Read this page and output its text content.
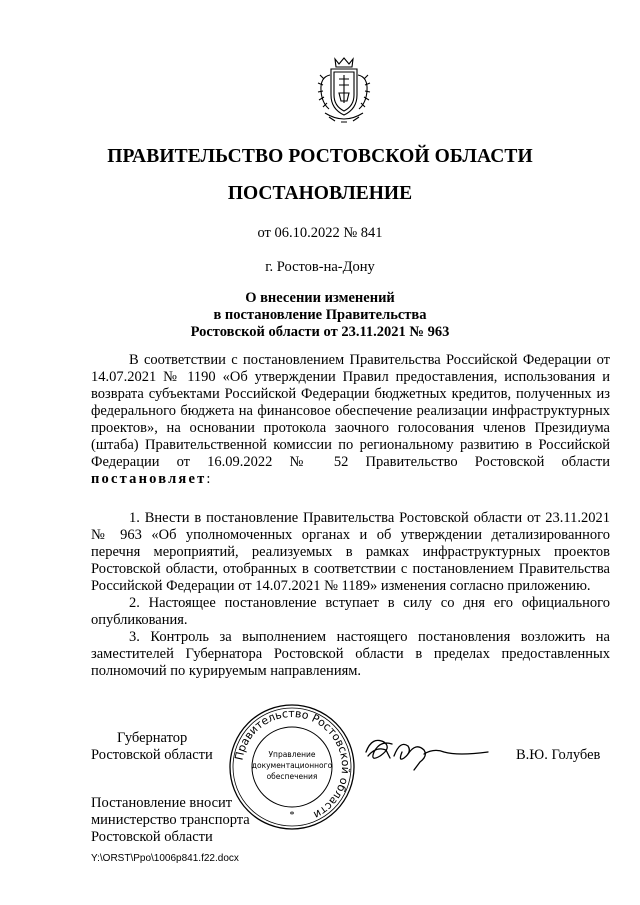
ПРАВИТЕЛЬСТВО РОСТОВСКОЙ ОБЛАСТИ
ПОСТАНОВЛЕНИЕ
от 06.10.2022 № 841
г. Ростов-на-Дону
О внесении изменений
в постановление Правительства
Ростовской области от 23.11.2021 № 963

В соответствии с постановлением Правительства Российской Федерации от 14.07.2021 № 1190 «Об утверждении Правил предоставления, использования и возврата субъектами Российской Федерации бюджетных кредитов, полученных из федерального бюджета на финансовое обеспечение реализации инфраструктурных проектов», на основании протокола заочного голосования членов Президиума (штаба) Правительственной комиссии по региональному развитию в Российской Федерации от 16.09.2022 № 52 Правительство Ростовской области постановляет:

1. Внести в постановление Правительства Ростовской области от 23.11.2021 № 963 «Об уполномоченных органах и об утверждении детализированного перечня мероприятий, реализуемых в рамках инфраструктурных проектов Ростовской области, отобранных в соответствии с постановлением Правительства Российской Федерации от 14.07.2021 № 1189» изменения согласно приложению.

2. Настоящее постановление вступает в силу со дня его официального опубликования.

3. Контроль за выполнением настоящего постановления возложить на заместителей Губернатора Ростовской области в пределах предоставленных полномочий по курируемым направлениям.

Губернатор
Ростовской области Правительство Ростовской области
Управление
документационного
обеспечения
*
В.Ю. Голубев
Постановление вносит
министерство транспорта
Ростовской области
Y:\ORST\Ppo\1006p841.f22.docx
